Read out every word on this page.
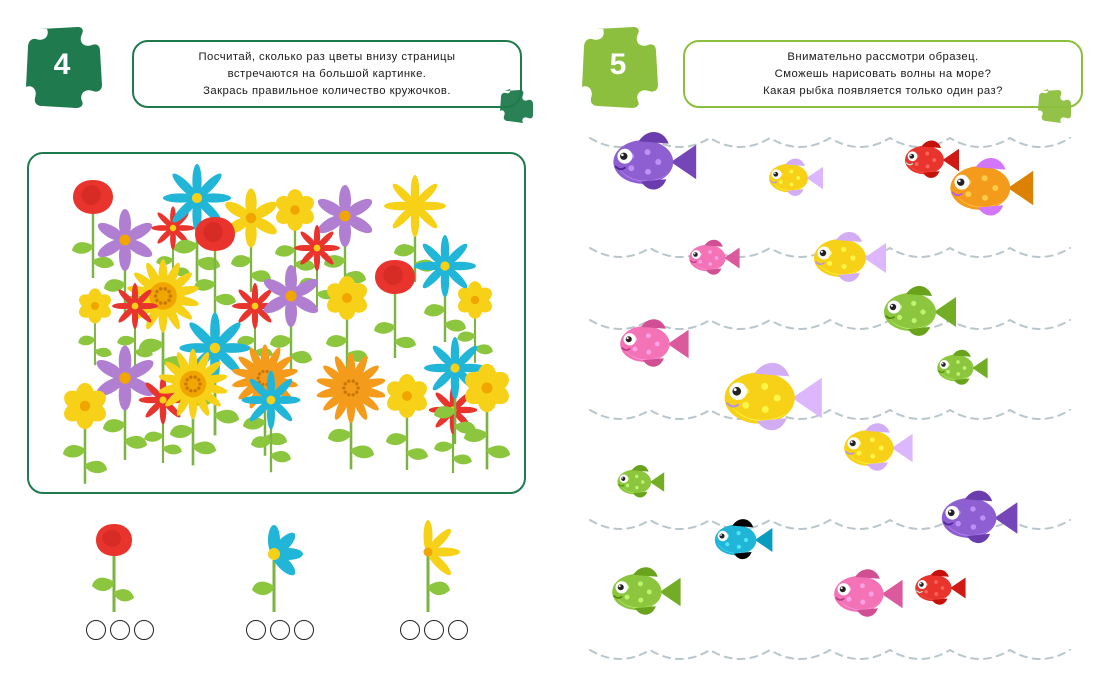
Посчитай, сколько раз цветы внизу страницы
встречаются на большой картинке.
Закрась правильное количество кружочков.
4	Внимательно рассмотри образец.
Сможешь нарисовать волны на море?
Какая рыбка появляется только один раз?
5
